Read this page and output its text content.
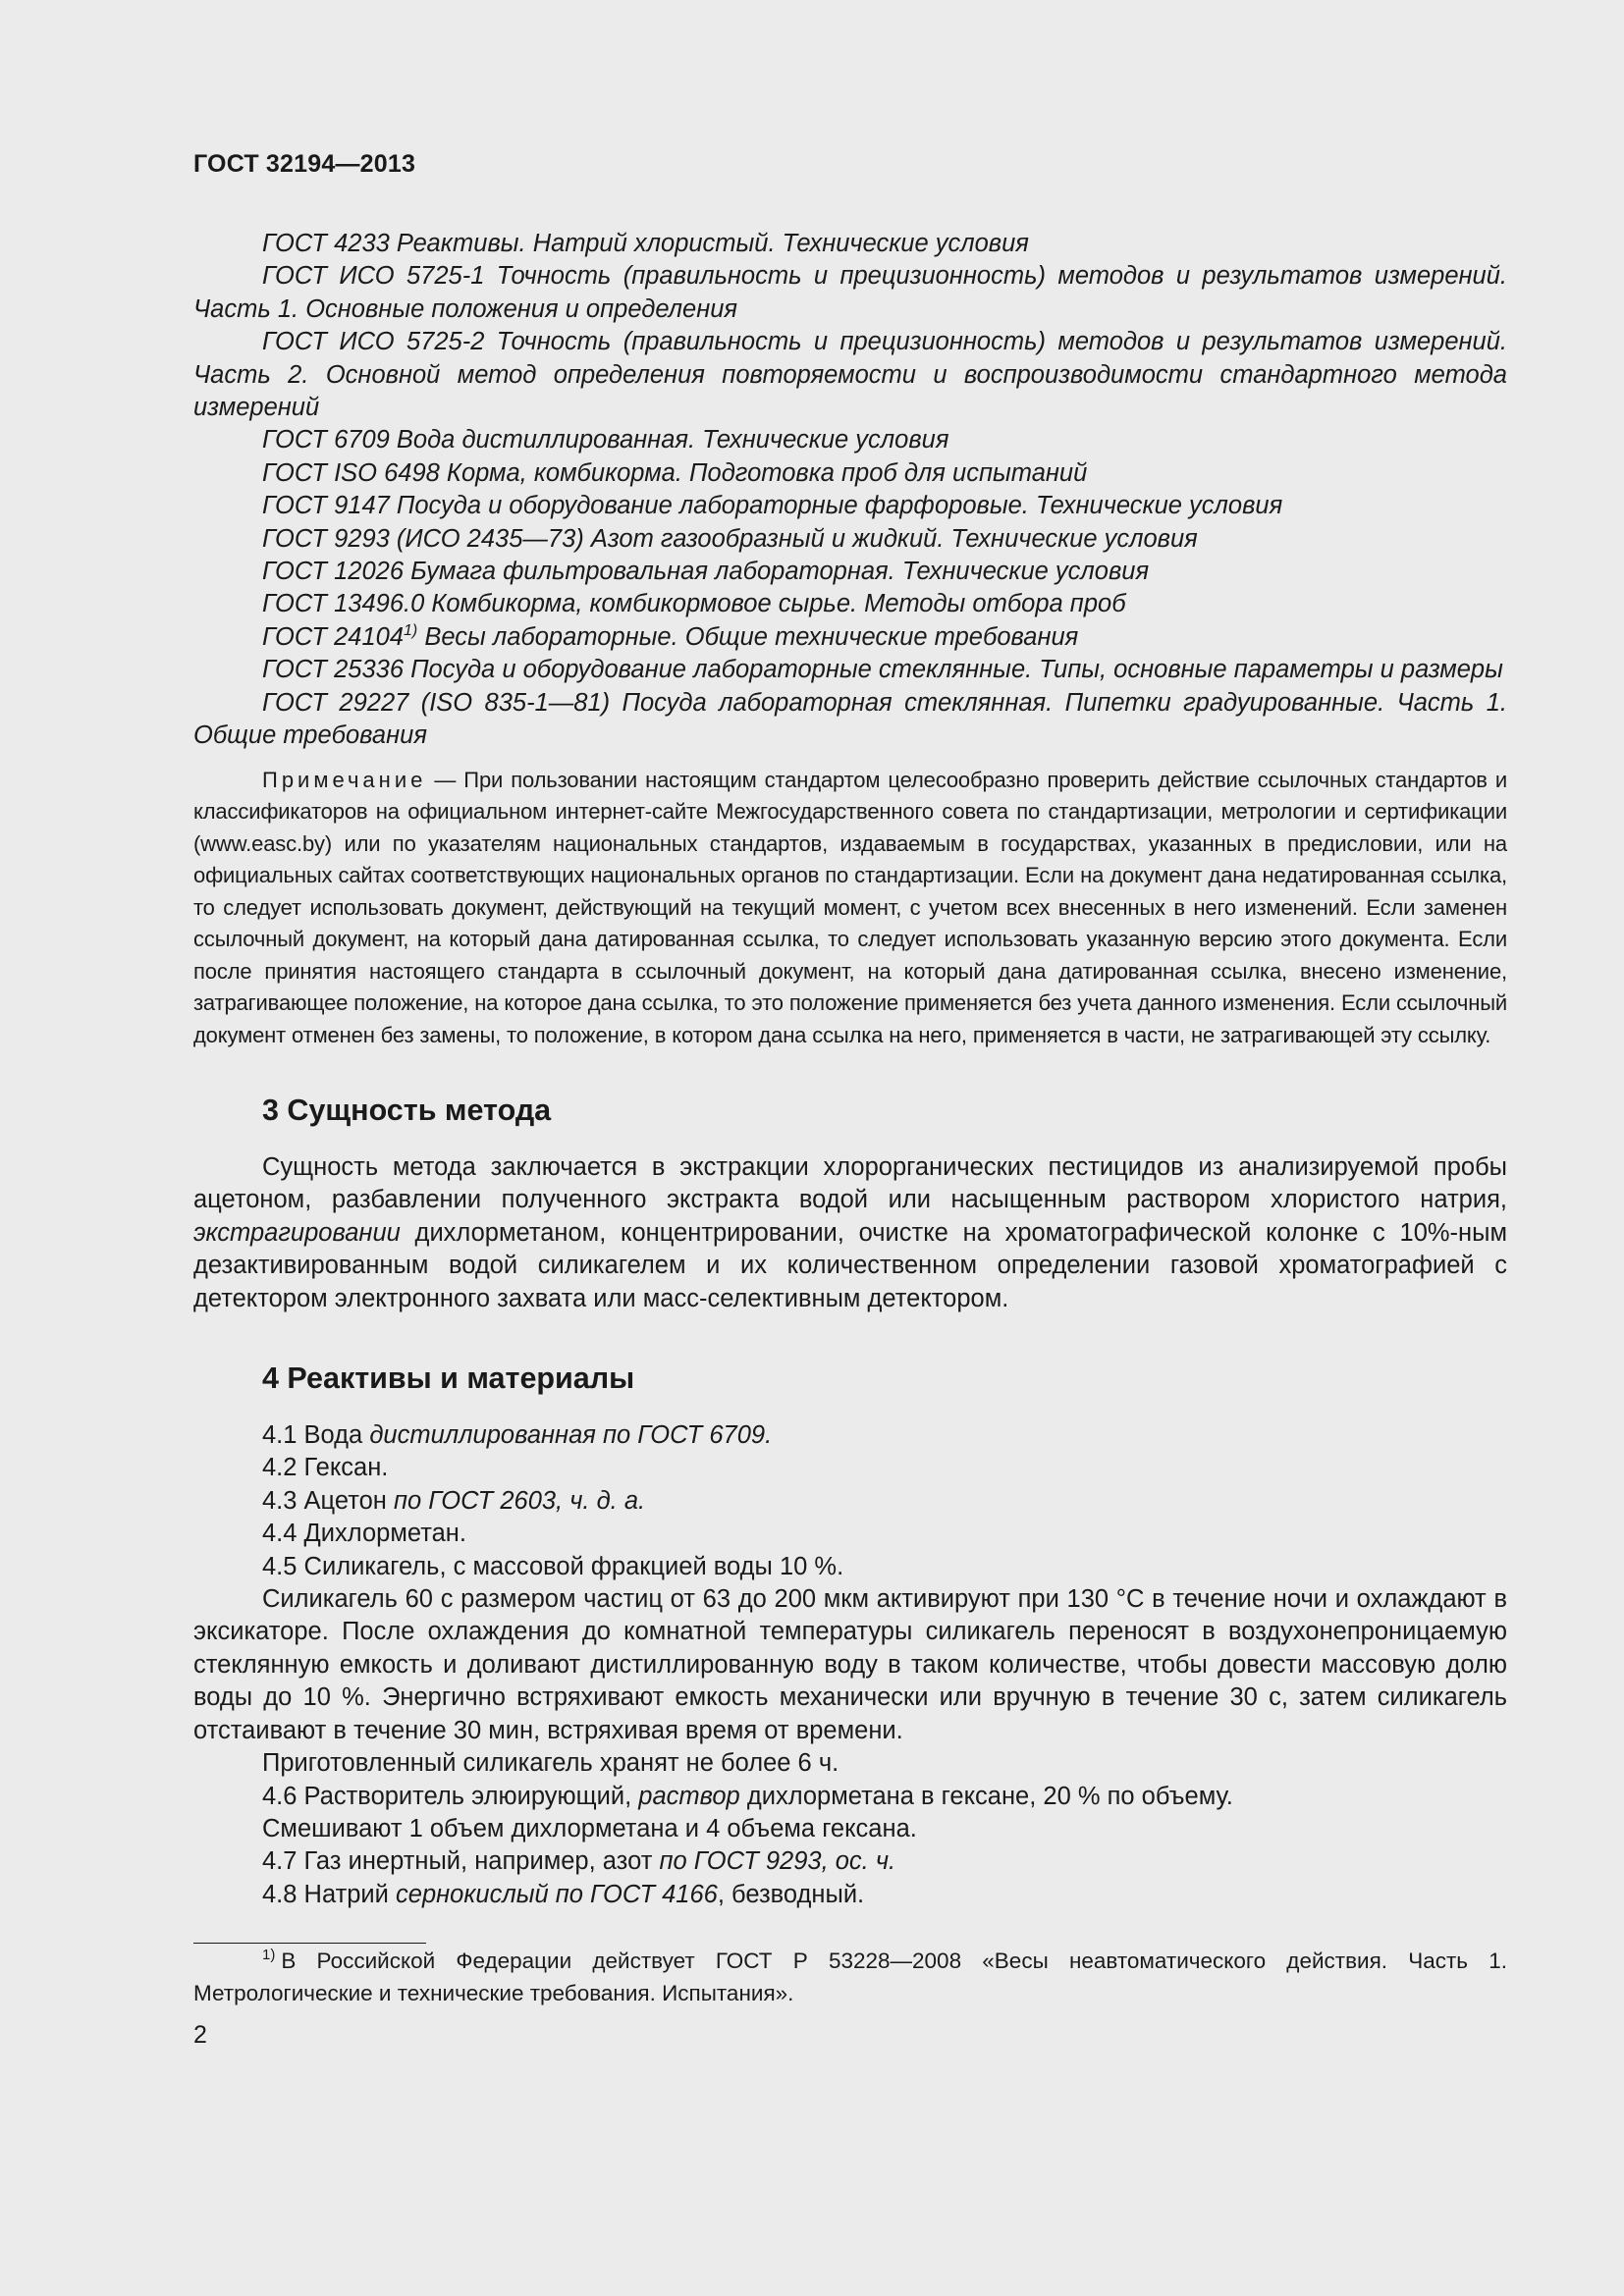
ГОСТ 32194—2013

ГОСТ 4233 Реактивы. Натрий хлористый. Технические условия

ГОСТ ИСО 5725-1 Точность (правильность и прецизионность) методов и результатов измерений. Часть 1. Основные положения и определения

ГОСТ ИСО 5725-2 Точность (правильность и прецизионность) методов и результатов измерений. Часть 2. Основной метод определения повторяемости и воспроизводимости стандартного метода измерений

ГОСТ 6709 Вода дистиллированная. Технические условия

ГОСТ ISO 6498 Корма, комбикорма. Подготовка проб для испытаний

ГОСТ 9147 Посуда и оборудование лабораторные фарфоровые. Технические условия

ГОСТ 9293 (ИСО 2435—73) Азот газообразный и жидкий. Технические условия

ГОСТ 12026 Бумага фильтровальная лабораторная. Технические условия

ГОСТ 13496.0 Комбикорма, комбикормовое сырье. Методы отбора проб

ГОСТ 24104$^{1)}$ Весы лабораторные. Общие технические требования

ГОСТ 25336 Посуда и оборудование лабораторные стеклянные. Типы, основные параметры и размеры

ГОСТ 29227 (ISO 835-1—81) Посуда лабораторная стеклянная. Пипетки градуированные. Часть 1. Общие требования

Примечание — При пользовании настоящим стандартом целесообразно проверить действие ссылочных стандартов и классификаторов на официальном интернет-сайте Межгосударственного совета по стандартизации, метрологии и сертификации (www.easc.by) или по указателям национальных стандартов, издаваемым в государствах, указанных в предисловии, или на официальных сайтах соответствующих национальных органов по стандартизации. Если на документ дана недатированная ссылка, то следует использовать документ, действующий на текущий момент, с учетом всех внесенных в него изменений. Если заменен ссылочный документ, на который дана датированная ссылка, то следует использовать указанную версию этого документа. Если после принятия настоящего стандарта в ссылочный документ, на который дана датированная ссылка, внесено изменение, затрагивающее положение, на которое дана ссылка, то это положение применяется без учета данного изменения. Если ссылочный документ отменен без замены, то положение, в котором дана ссылка на него, применяется в части, не затрагивающей эту ссылку.

3 Сущность метода

Сущность метода заключается в экстракции хлорорганических пестицидов из анализируемой пробы ацетоном, разбавлении полученного экстракта водой или насыщенным раствором хлористого натрия, экстрагировании дихлорметаном, концентрировании, очистке на хроматографической колонке с 10%-ным дезактивированным водой силикагелем и их количественном определении газовой хроматографией с детектором электронного захвата или масс-селективным детектором.

4 Реактивы и материалы

4.1 Вода дистиллированная по ГОСТ 6709.

4.2 Гексан.

4.3 Ацетон по ГОСТ 2603, ч. д. а.

4.4 Дихлорметан.

4.5 Силикагель, с массовой фракцией воды 10 %.

Силикагель 60 с размером частиц от 63 до 200 мкм активируют при 130 °С в течение ночи и охлаждают в эксикаторе. После охлаждения до комнатной температуры силикагель переносят в воздухонепроницаемую стеклянную емкость и доливают дистиллированную воду в таком количестве, чтобы довести массовую долю воды до 10 %. Энергично встряхивают емкость механически или вручную в течение 30 с, затем силикагель отстаивают в течение 30 мин, встряхивая время от времени.

Приготовленный силикагель хранят не более 6 ч.

4.6 Растворитель элюирующий, раствор дихлорметана в гексане, 20 % по объему.

Смешивают 1 объем дихлорметана и 4 объема гексана.

4.7 Газ инертный, например, азот по ГОСТ 9293, ос. ч.

4.8 Натрий сернокислый по ГОСТ 4166, безводный.

$^{1)}$ В Российской Федерации действует ГОСТ Р 53228—2008 «Весы неавтоматического действия. Часть 1. Метрологические и технические требования. Испытания».

2
